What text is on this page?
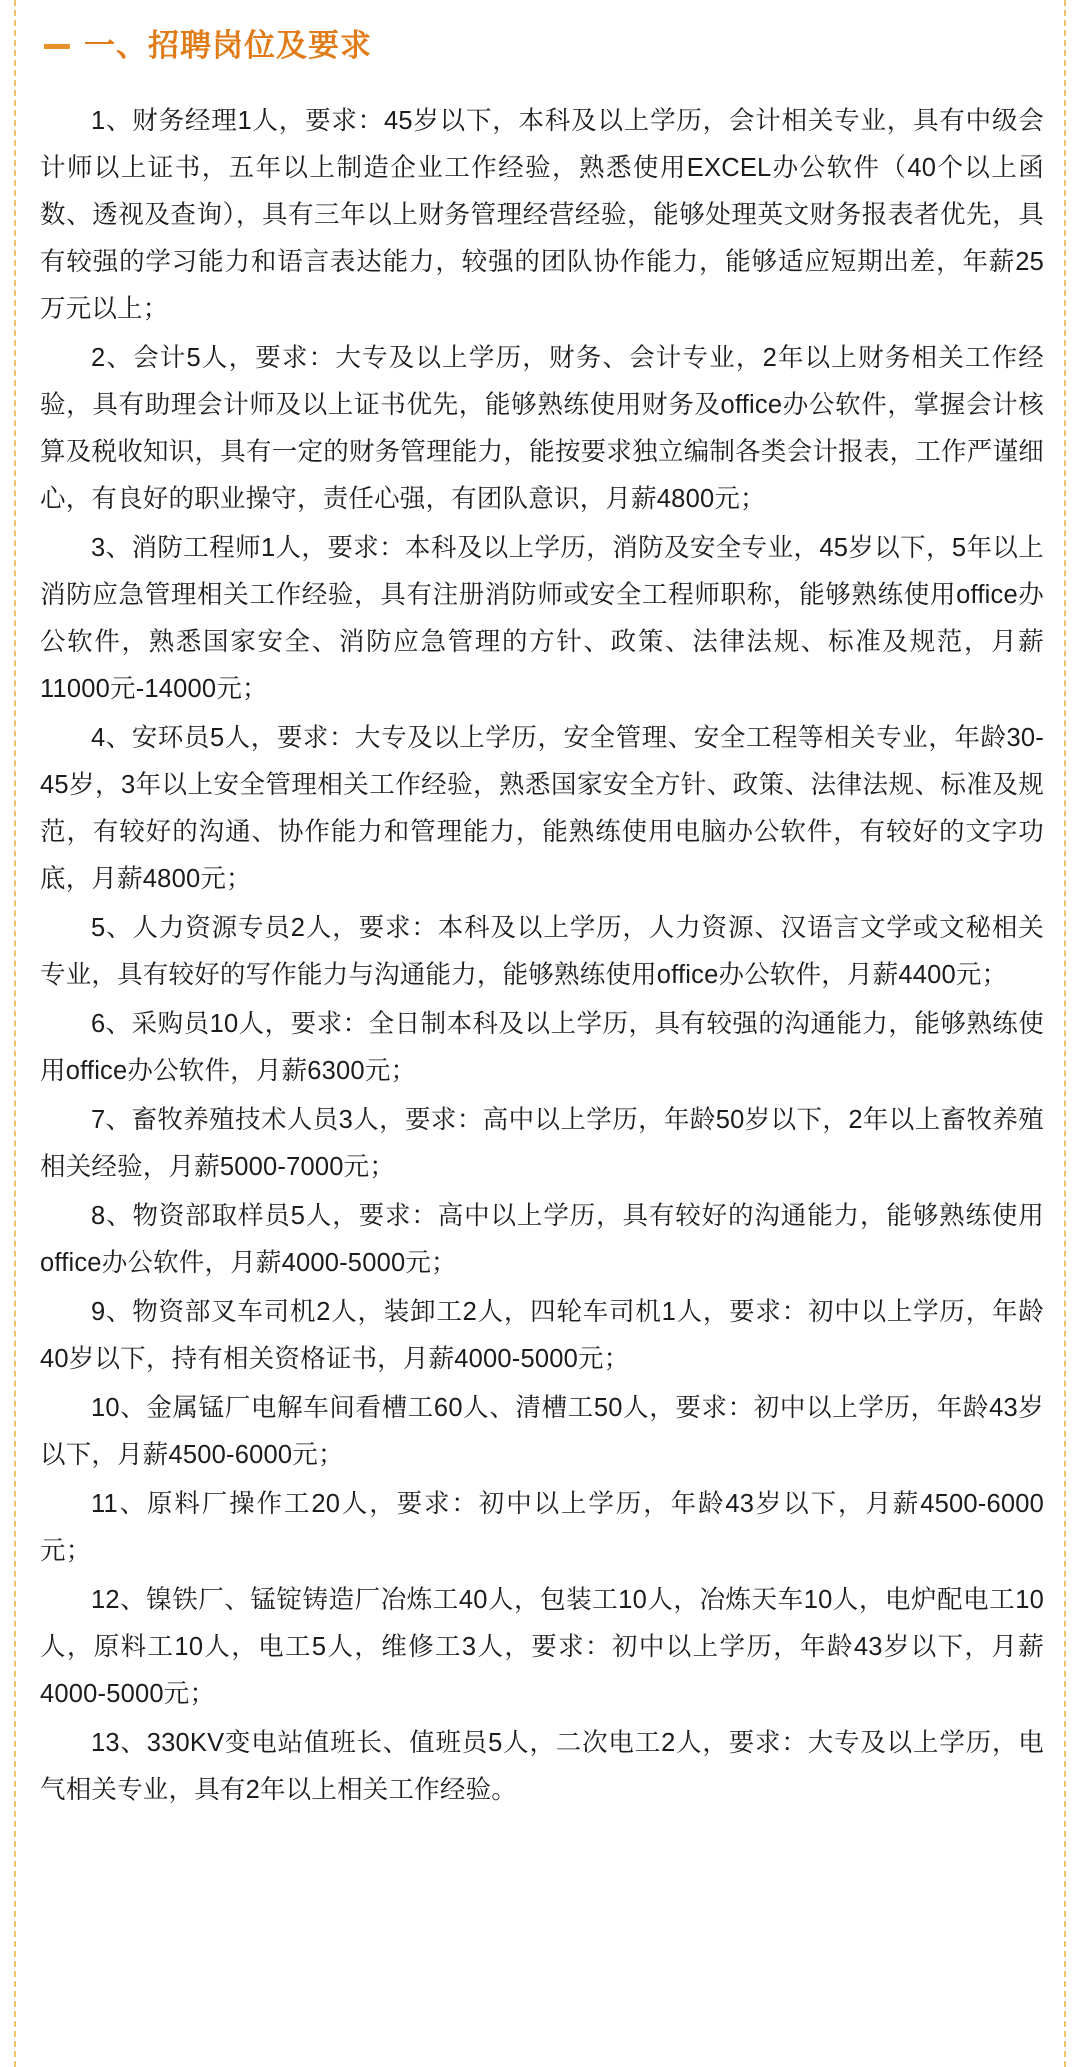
一、招聘岗位及要求

1、财务经理1人，要求：45岁以下，本科及以上学历，会计相关专业，具有中级会计师以上证书，五年以上制造企业工作经验，熟悉使用EXCEL办公软件（40个以上函数、透视及查询），具有三年以上财务管理经营经验，能够处理英文财务报表者优先，具有较强的学习能力和语言表达能力，较强的团队协作能力，能够适应短期出差，年薪25万元以上；

2、会计5人，要求：大专及以上学历，财务、会计专业，2年以上财务相关工作经验，具有助理会计师及以上证书优先，能够熟练使用财务及office办公软件，掌握会计核算及税收知识，具有一定的财务管理能力，能按要求独立编制各类会计报表，工作严谨细心，有良好的职业操守，责任心强，有团队意识，月薪4800元；

3、消防工程师1人，要求：本科及以上学历，消防及安全专业，45岁以下，5年以上消防应急管理相关工作经验，具有注册消防师或安全工程师职称，能够熟练使用office办公软件，熟悉国家安全、消防应急管理的方针、政策、法律法规、标准及规范，月薪11000元-14000元；

4、安环员5人，要求：大专及以上学历，安全管理、安全工程等相关专业，年龄30-45岁，3年以上安全管理相关工作经验，熟悉国家安全方针、政策、法律法规、标准及规范，有较好的沟通、协作能力和管理能力，能熟练使用电脑办公软件，有较好的文字功底，月薪4800元；

5、人力资源专员2人，要求：本科及以上学历，人力资源、汉语言文学或文秘相关专业，具有较好的写作能力与沟通能力，能够熟练使用office办公软件，月薪4400元；

6、采购员10人，要求：全日制本科及以上学历，具有较强的沟通能力，能够熟练使用office办公软件，月薪6300元；

7、畜牧养殖技术人员3人，要求：高中以上学历，年龄50岁以下，2年以上畜牧养殖相关经验，月薪5000-7000元；

8、物资部取样员5人，要求：高中以上学历，具有较好的沟通能力，能够熟练使用office办公软件，月薪4000-5000元；

9、物资部叉车司机2人，装卸工2人，四轮车司机1人，要求：初中以上学历，年龄40岁以下，持有相关资格证书，月薪4000-5000元；

10、金属锰厂电解车间看槽工60人、清槽工50人，要求：初中以上学历，年龄43岁以下，月薪4500-6000元；

11、原料厂操作工20人，要求：初中以上学历，年龄43岁以下，月薪4500-6000元；

12、镍铁厂、锰锭铸造厂冶炼工40人，包装工10人，冶炼天车10人，电炉配电工10人，原料工10人，电工5人，维修工3人，要求：初中以上学历，年龄43岁以下，月薪4000-5000元；

13、330KV变电站值班长、值班员5人，二次电工2人，要求：大专及以上学历，电气相关专业，具有2年以上相关工作经验。
